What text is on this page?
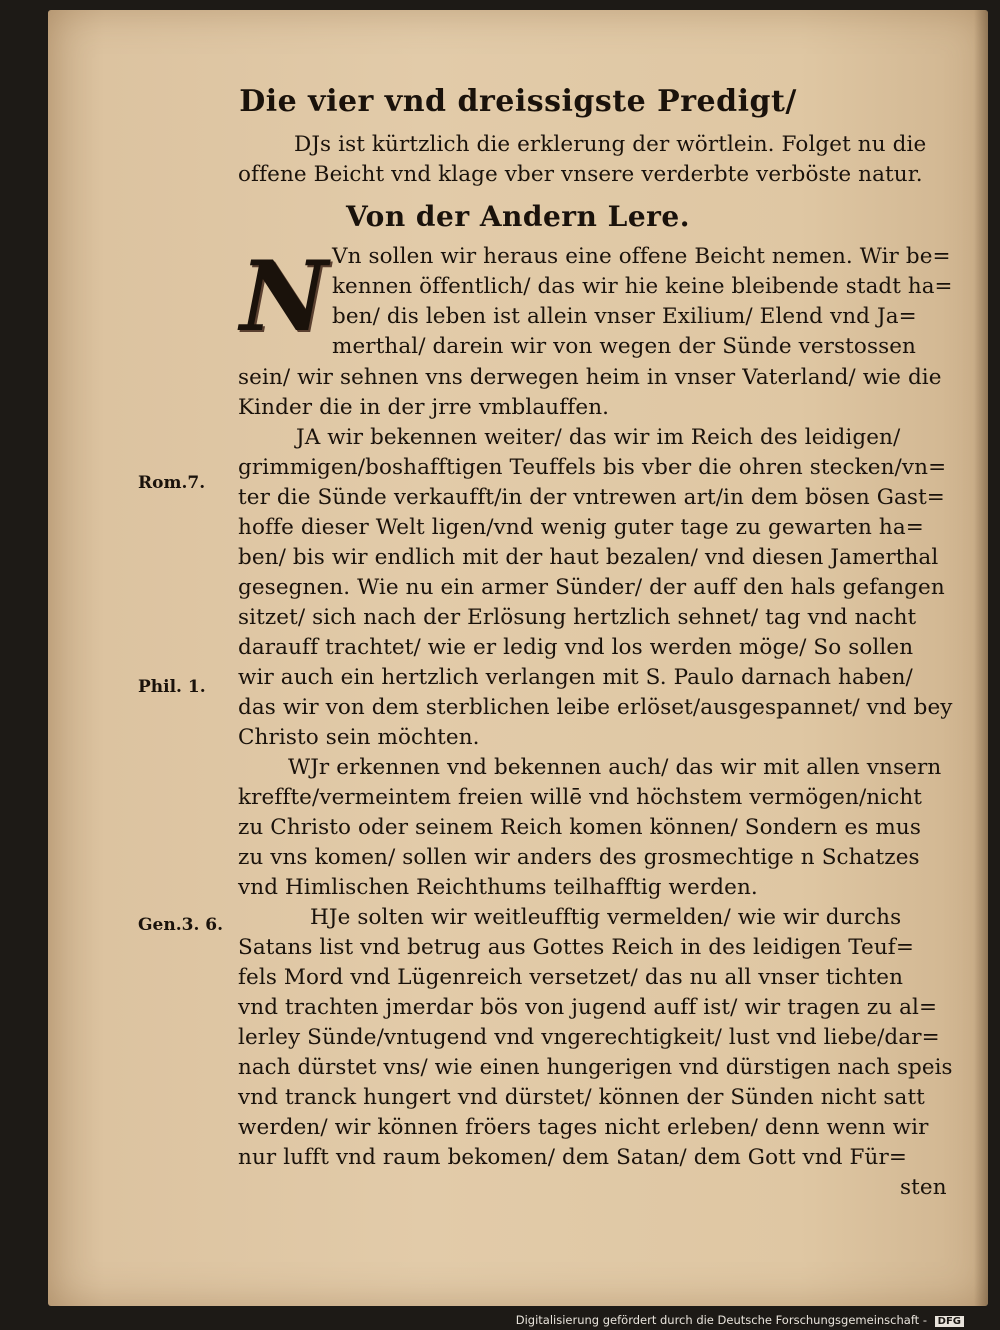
Die vier vnd dreissigste Predigt/
DJs ist kürtzlich die erklerung der wörtlein. Folget nu die
offene Beicht vnd klage vber vnsere verderbte verböste natur.
Von der Andern Lere.
N Vn sollen wir heraus eine offene Beicht nemen. Wir be=
kennen öffentlich/ das wir hie keine bleibende stadt ha=
ben/ dis leben ist allein vnser Exilium/ Elend vnd Ja=
merthal/ darein wir von wegen der Sünde verstossen
sein/ wir sehnen vns derwegen heim in vnser Vaterland/ wie die
Kinder die in der jrre vmblauffen.
JA wir bekennen weiter/ das wir im Reich des leidigen/
grimmigen/boshafftigen Teuffels bis vber die ohren stecken/vn=
ter die Sünde verkaufft/in der vntrewen art/in dem bösen Gast=
hoffe dieser Welt ligen/vnd wenig guter tage zu gewarten ha=
ben/ bis wir endlich mit der haut bezalen/ vnd diesen Jamerthal
gesegnen. Wie nu ein armer Sünder/ der auff den hals gefangen
sitzet/ sich nach der Erlösung hertzlich sehnet/ tag vnd nacht
darauff trachtet/ wie er ledig vnd los werden möge/ So sollen
wir auch ein hertzlich verlangen mit S. Paulo darnach haben/
das wir von dem sterblichen leibe erlöset/ausgespannet/ vnd bey
Christo sein möchten.
WJr erkennen vnd bekennen auch/ das wir mit allen vnsern
kreffte/vermeintem freien willē vnd höchstem vermögen/nicht
zu Christo oder seinem Reich komen können/ Sondern es mus
zu vns komen/ sollen wir anders des grosmechtige n Schatzes
vnd Himlischen Reichthums teilhafftig werden.
HJe solten wir weitleufftig vermelden/ wie wir durchs
Satans list vnd betrug aus Gottes Reich in des leidigen Teuf=
fels Mord vnd Lügenreich versetzet/ das nu all vnser tichten
vnd trachten jmerdar bös von jugend auff ist/ wir tragen zu al=
lerley Sünde/vntugend vnd vngerechtigkeit/ lust vnd liebe/dar=
nach dürstet vns/ wie einen hungerigen vnd dürstigen nach speis
vnd tranck hungert vnd dürstet/ können der Sünden nicht satt
werden/ wir können fröers tages nicht erleben/ denn wenn wir
nur lufft vnd raum bekomen/ dem Satan/ dem Gott vnd Für=
sten
Rom.7.
Phil. 1.
Gen.3. 6.
Digitalisierung gefördert durch die Deutsche Forschungsgemeinschaft - DFG
